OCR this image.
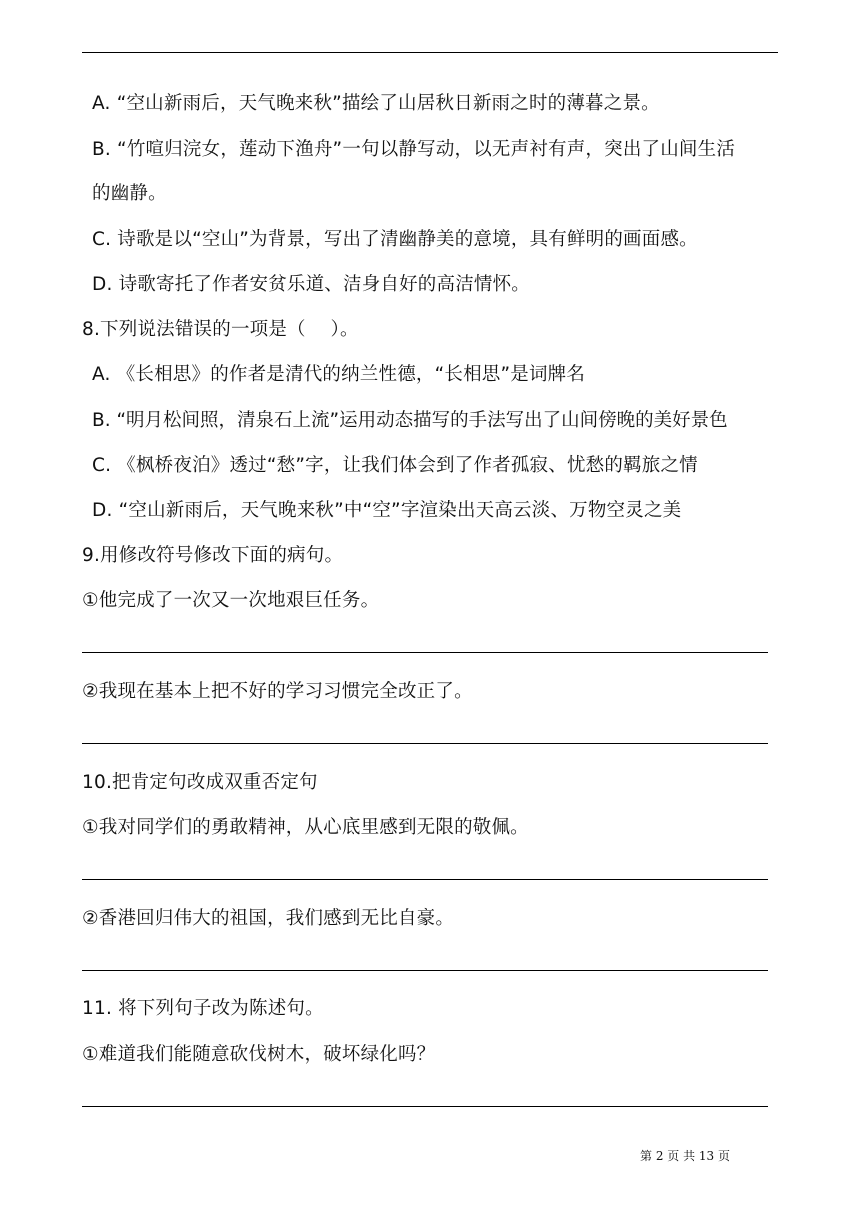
A. “空山新雨后，天气晚来秋”描绘了山居秋日新雨之时的薄暮之景。
B. “竹喧归浣女，莲动下渔舟”一句以静写动，以无声衬有声，突出了山间生活
的幽静。
C. 诗歌是以“空山”为背景，写出了清幽静美的意境，具有鲜明的画面感。
D. 诗歌寄托了作者安贫乐道、洁身自好的高洁情怀。
8.下列说法错误的一项是（　 ）。
A. 《长相思》的作者是清代的纳兰性德，“长相思”是词牌名
B. “明月松间照，清泉石上流”运用动态描写的手法写出了山间傍晚的美好景色
C. 《枫桥夜泊》透过“愁”字，让我们体会到了作者孤寂、忧愁的羁旅之情
D. “空山新雨后，天气晚来秋”中“空”字渲染出天高云淡、万物空灵之美
9.用修改符号修改下面的病句。
①他完成了一次又一次地艰巨任务。
②我现在基本上把不好的学习习惯完全改正了。
10.把肯定句改成双重否定句
①我对同学们的勇敢精神，从心底里感到无限的敬佩。
②香港回归伟大的祖国，我们感到无比自豪。
11. 将下列句子改为陈述句。
①难道我们能随意砍伐树木，破坏绿化吗？
第 2 页 共 13 页
